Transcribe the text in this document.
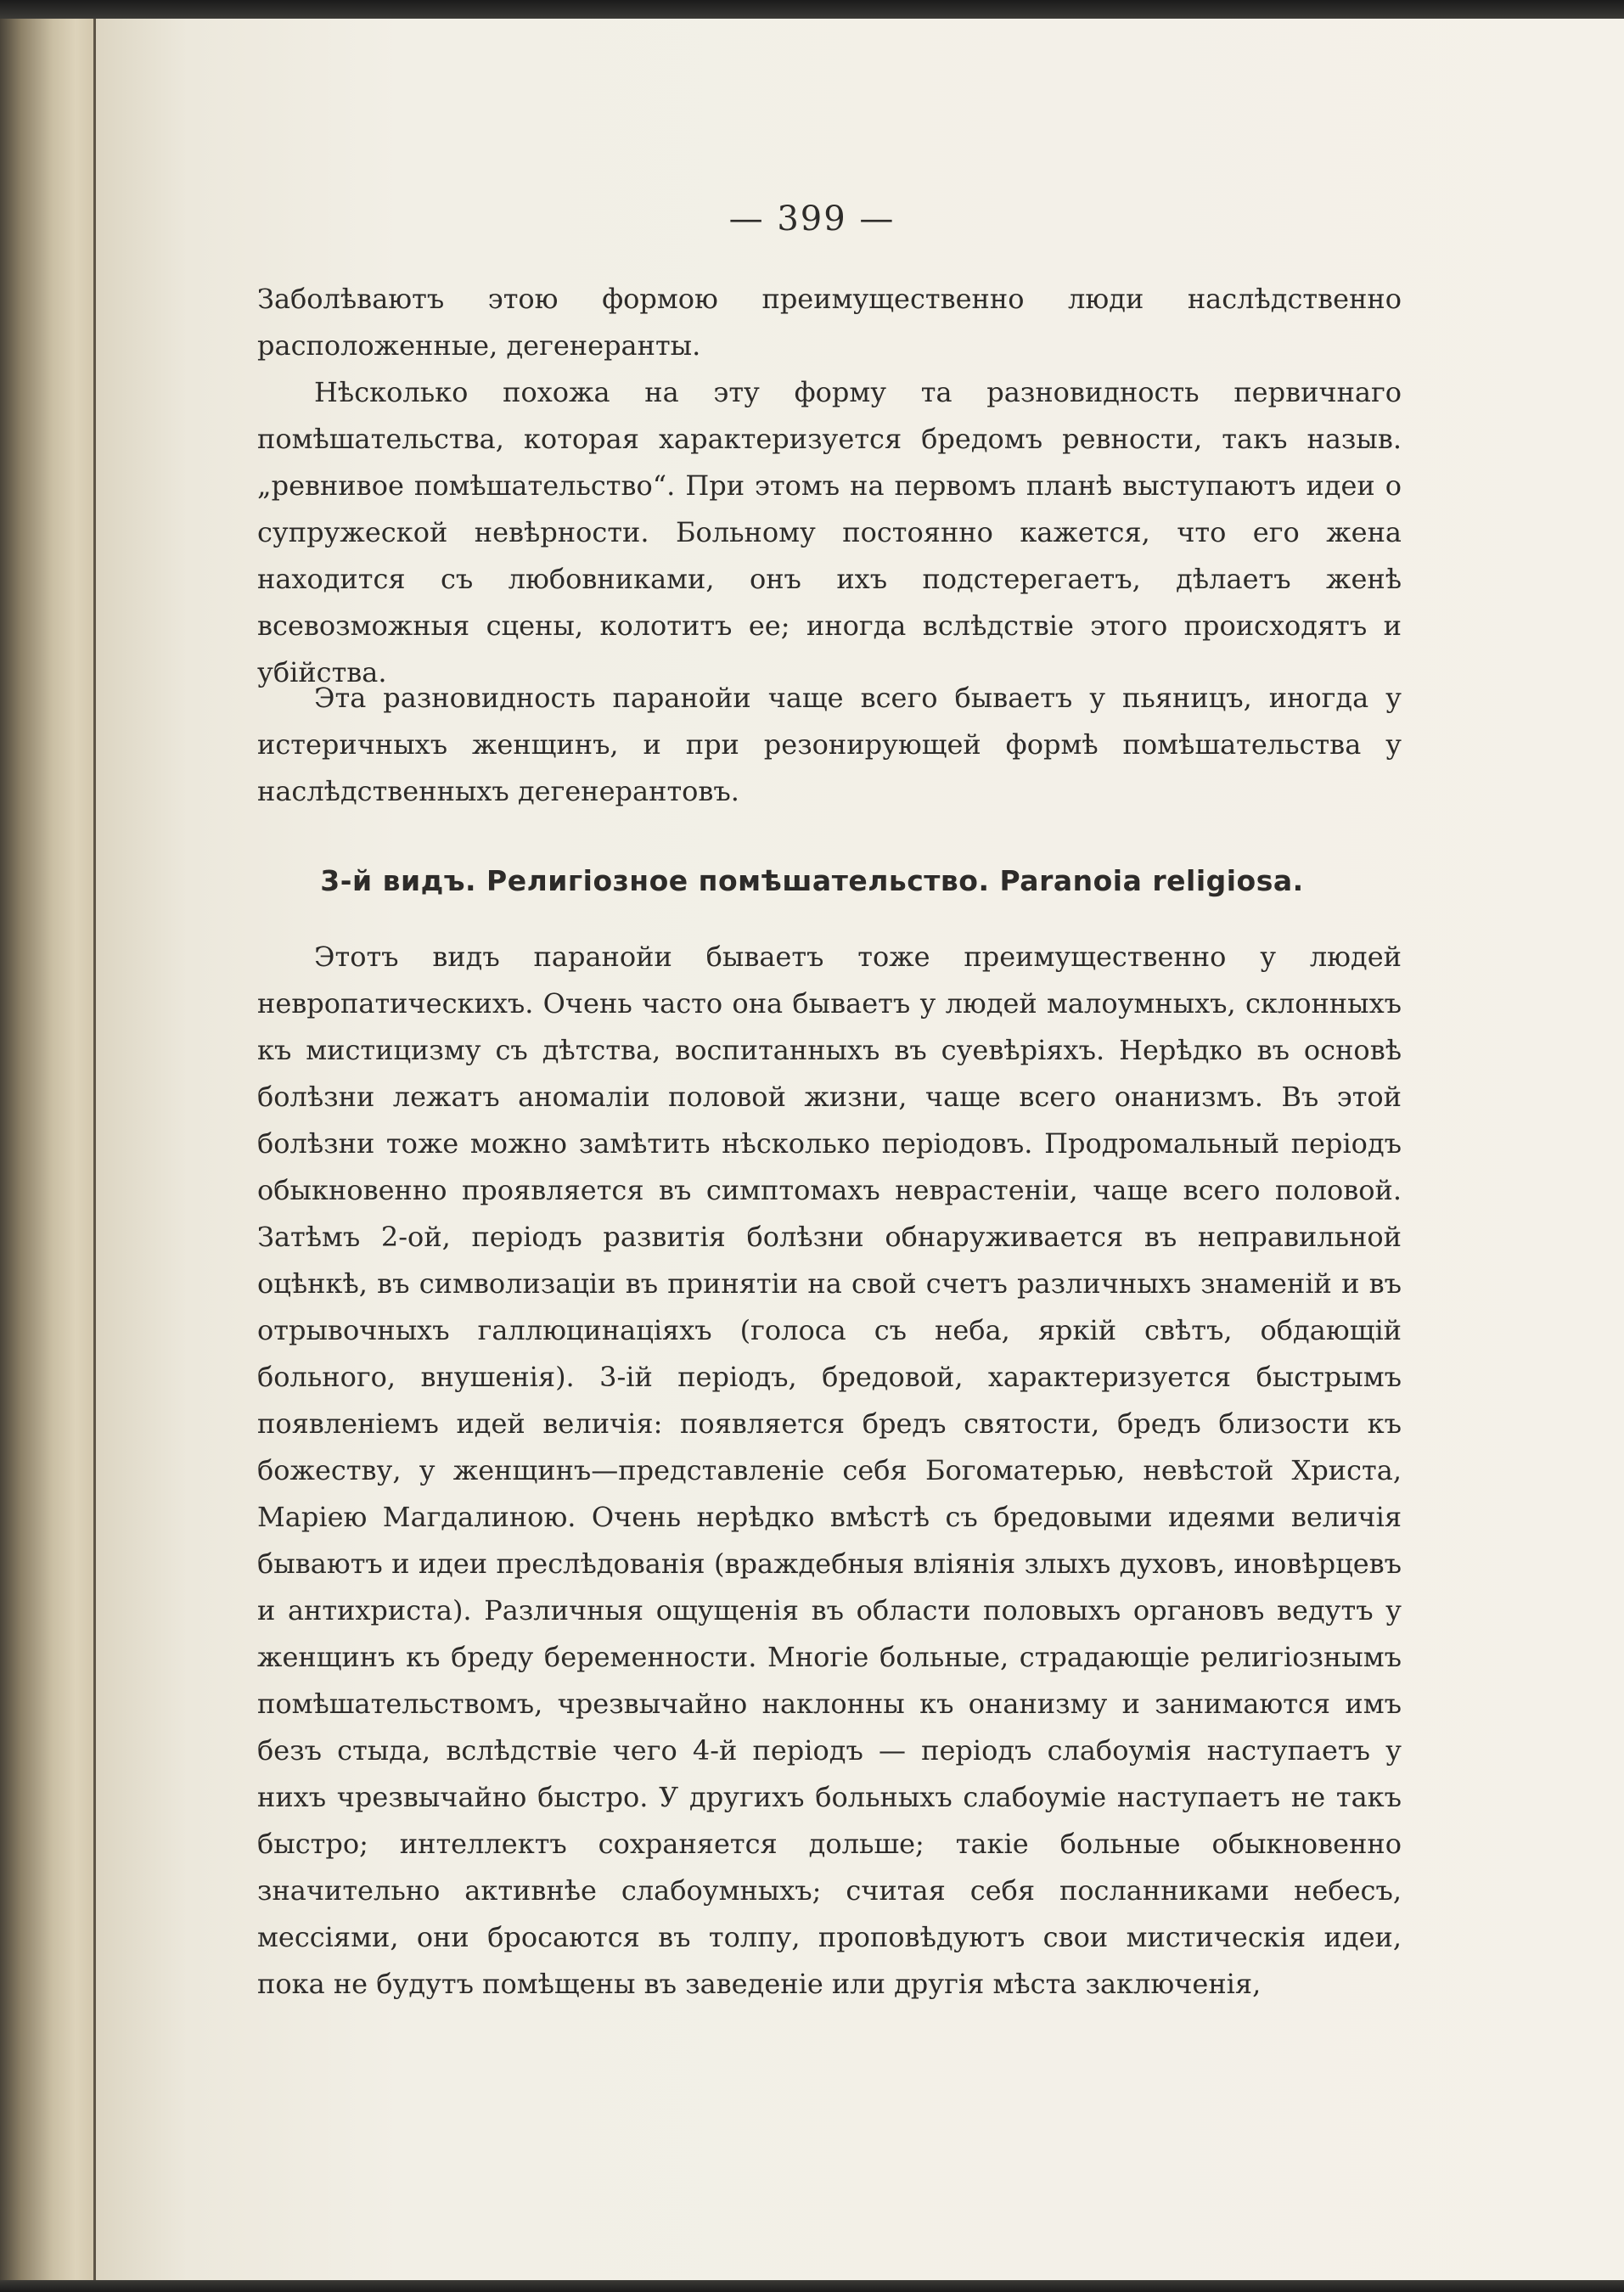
— 399 —

Заболѣваютъ этою формою преимущественно люди наслѣдственно расположенные, дегенеранты.

Нѣсколько похожа на эту форму та разновидность первичнаго помѣшательства, которая характеризуется бредомъ ревности, такъ назыв. „ревнивое помѣшательство“. При этомъ на первомъ планѣ выступаютъ идеи о супружеской невѣрности. Больному постоянно кажется, что его жена находится съ любовниками, онъ ихъ подстерегаетъ, дѣлаетъ женѣ всевозможныя сцены, колотитъ ее; иногда вслѣдствіе этого происходятъ и убійства.

Эта разновидность паранойи чаще всего бываетъ у пьяницъ, иногда у истеричныхъ женщинъ, и при резонирующей формѣ помѣшательства у наслѣдственныхъ дегенерантовъ.

3-й видъ. Религіозное помѣшательство. Paranoia religiosa.

Этотъ видъ паранойи бываетъ тоже преимущественно у людей невропатическихъ. Очень часто она бываетъ у людей малоумныхъ, склонныхъ къ мистицизму съ дѣтства, воспитанныхъ въ суевѣріяхъ. Нерѣдко въ основѣ болѣзни лежатъ аномаліи половой жизни, чаще всего онанизмъ. Въ этой болѣзни тоже можно замѣтить нѣсколько періодовъ. Продромальный періодъ обыкновенно проявляется въ симптомахъ неврастеніи, чаще всего половой. Затѣмъ 2-ой, періодъ развитія болѣзни обнаруживается въ неправильной оцѣнкѣ, въ символизаціи въ принятіи на свой счетъ различныхъ знаменій и въ отрывочныхъ галлюцинаціяхъ (голоса съ неба, яркій свѣтъ, обдающій больного, внушенія). 3-ій періодъ, бредовой, характеризуется быстрымъ появленіемъ идей величія: появляется бредъ святости, бредъ близости къ божеству, у женщинъ—представленіе себя Богоматерью, невѣстой Христа, Маріею Магдалиною. Очень нерѣдко вмѣстѣ съ бредовыми идеями величія бываютъ и идеи преслѣдованія (враждебныя вліянія злыхъ духовъ, иновѣрцевъ и антихриста). Различныя ощущенія въ области половыхъ органовъ ведутъ у женщинъ къ бреду беременности. Многіе больные, страдающіе религіознымъ помѣшательствомъ, чрезвычайно наклонны къ онанизму и занимаются имъ безъ стыда, вслѣдствіе чего 4-й періодъ — періодъ слабоумія наступаетъ у нихъ чрезвычайно быстро. У другихъ больныхъ слабоуміе наступаетъ не такъ быстро; интеллектъ сохраняется дольше; такіе больные обыкновенно значительно активнѣе слабоумныхъ; считая себя посланниками небесъ, мессіями, они бросаются въ толпу, проповѣдуютъ свои мистическія идеи, пока не будутъ помѣщены въ заведеніе или другія мѣста заключенія,
